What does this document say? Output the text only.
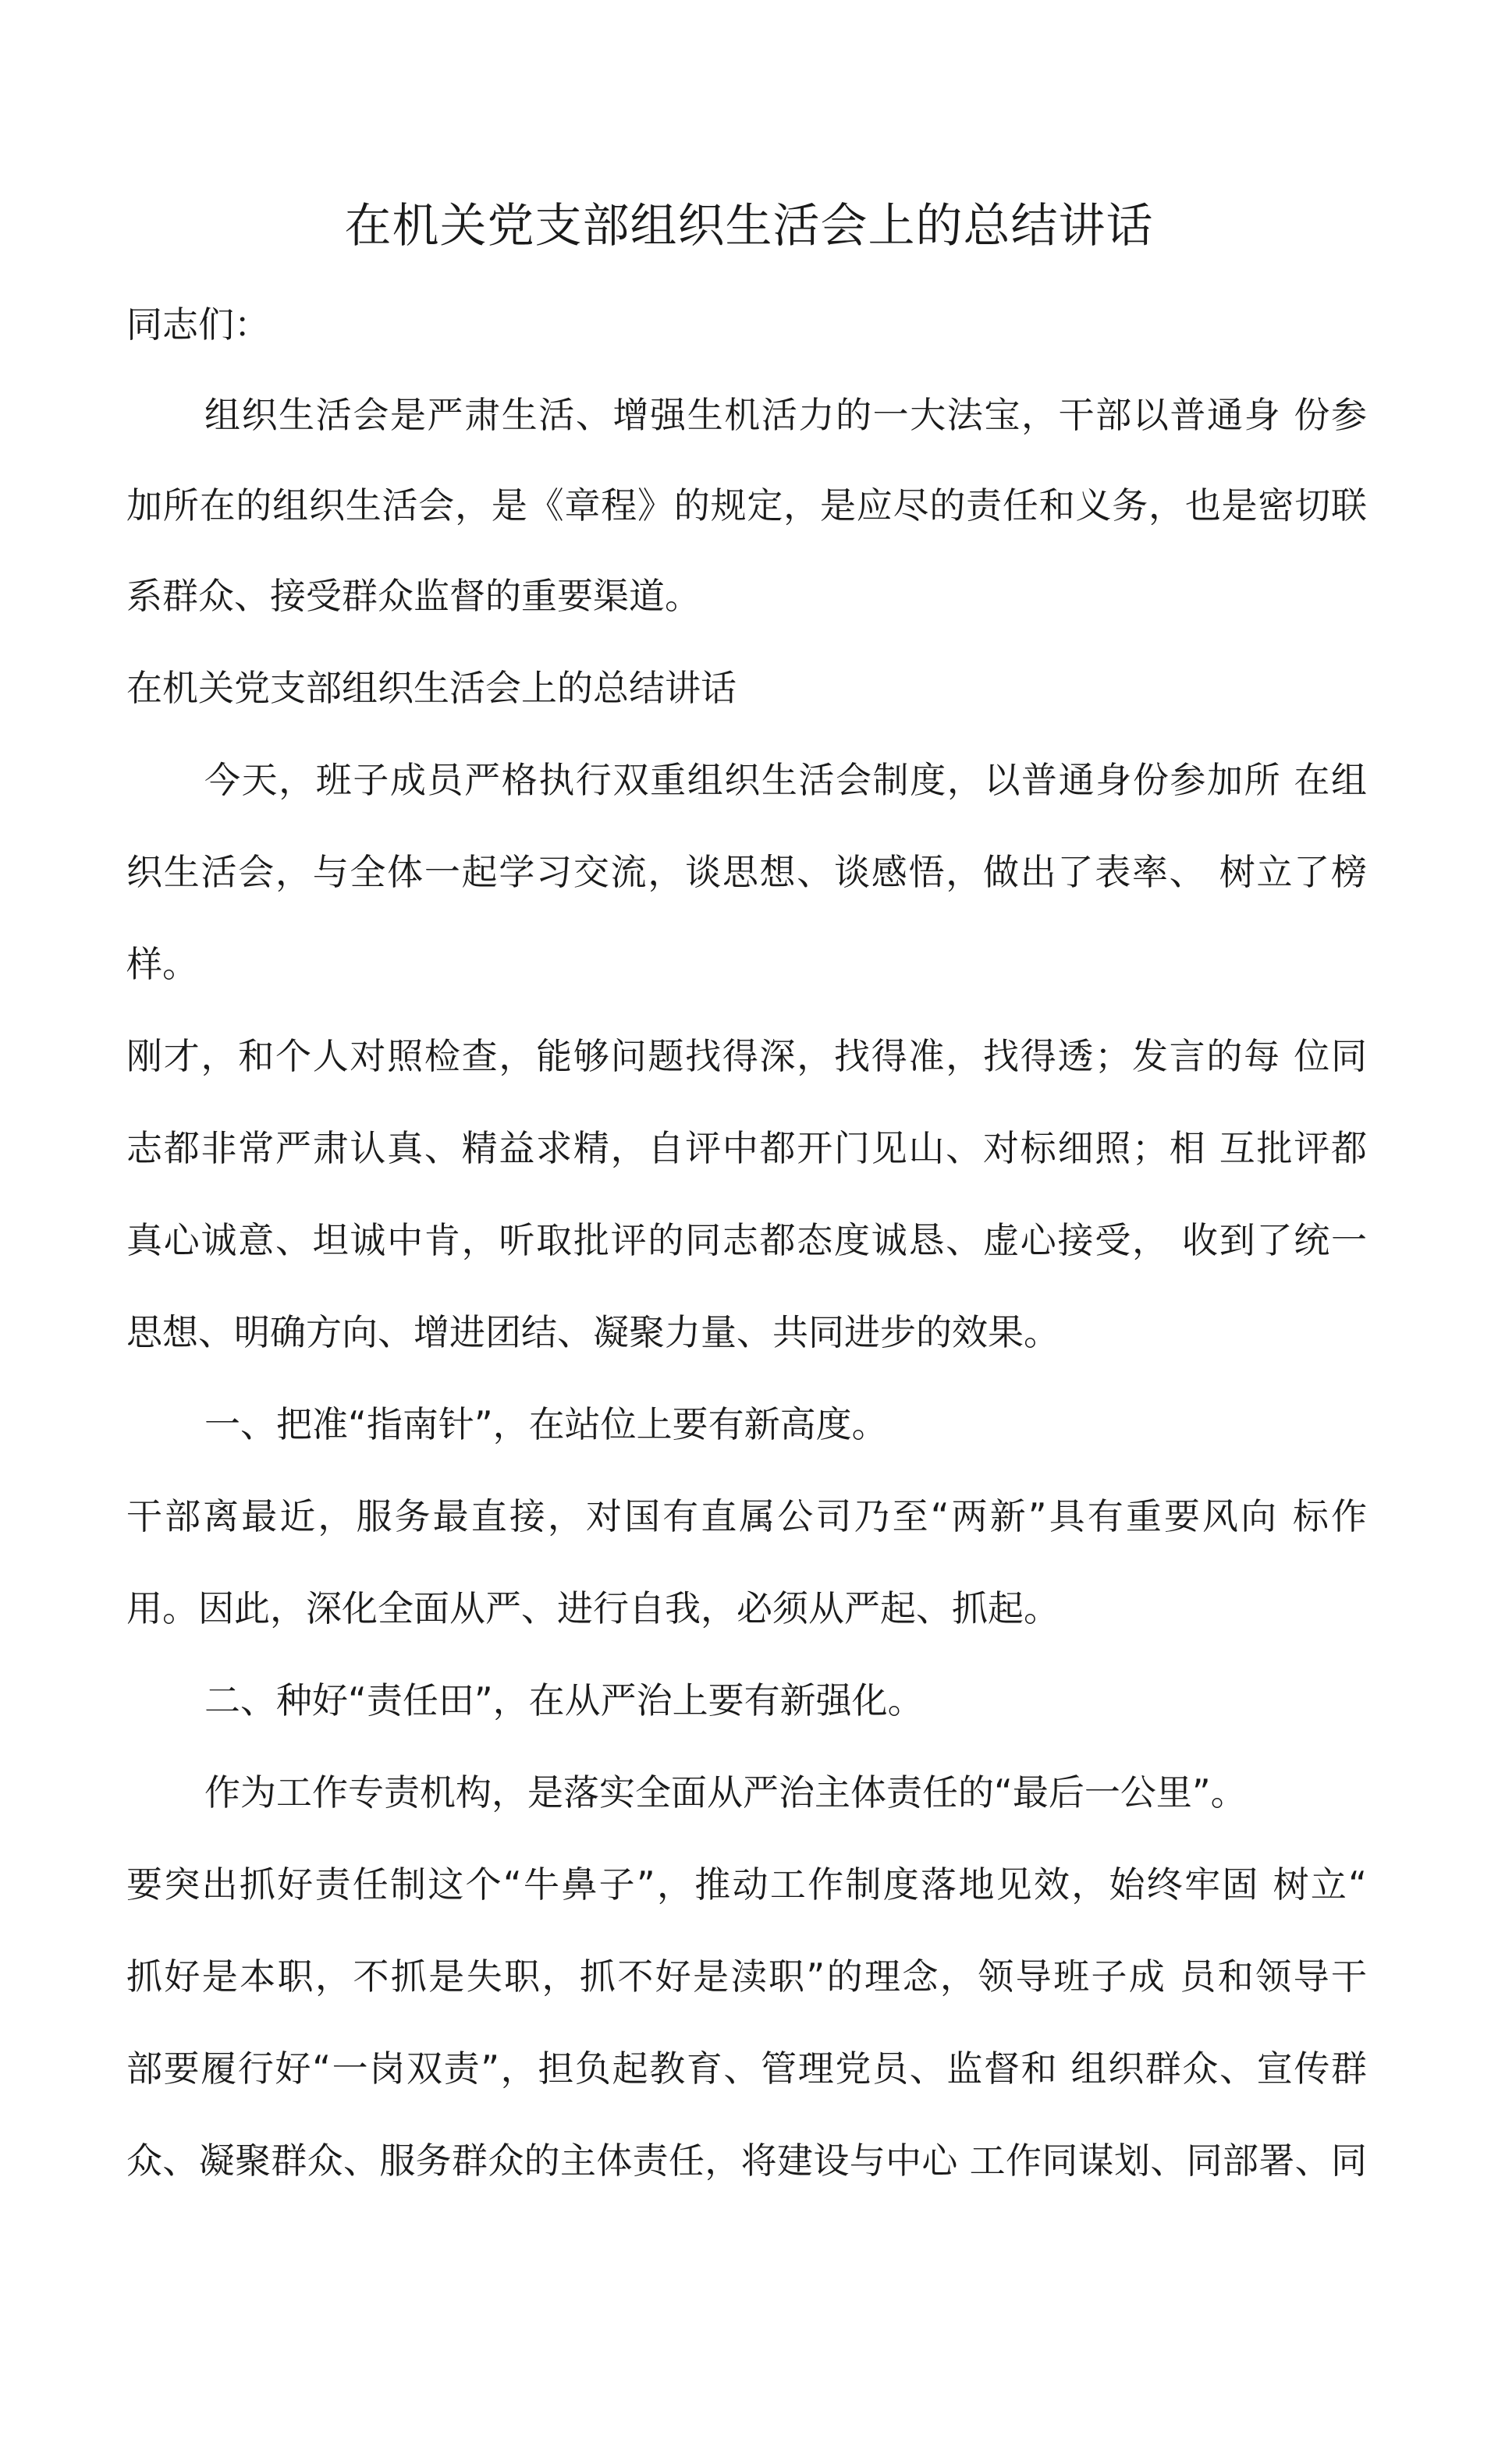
在机关党支部组织生活会上的总结讲话
同志们：
组织生活会是严肃生活、增强生机活力的一大法宝，干部以普通身 份参
加所在的组织生活会，是《章程》的规定，是应尽的责任和义务，也是密切联
系群众、接受群众监督的重要渠道。
在机关党支部组织生活会上的总结讲话
今天，班子成员严格执行双重组织生活会制度，以普通身份参加所 在组
织生活会，与全体一起学习交流，谈思想、谈感悟，做出了表率、 树立了榜
样。
刚才，和个人对照检查，能够问题找得深，找得准，找得透；发言的每 位同
志都非常严肃认真、精益求精，自评中都开门见山、对标细照；相 互批评都
真心诚意、坦诚中肯，听取批评的同志都态度诚恳、虚心接受， 收到了统一
思想、明确方向、增进团结、凝聚力量、共同进步的效果。
一、把准“指南针”，在站位上要有新高度。
干部离最近，服务最直接，对国有直属公司乃至“两新”具有重要风向 标作
用。因此，深化全面从严、进行自我，必须从严起、抓起。
二、种好“责任田”，在从严治上要有新强化。
作为工作专责机构，是落实全面从严治主体责任的“最后一公里”。
要突出抓好责任制这个“牛鼻子”，推动工作制度落地见效，始终牢固 树立“
抓好是本职，不抓是失职，抓不好是渎职”的理念，领导班子成 员和领导干
部要履行好“一岗双责”，担负起教育、管理党员、监督和 组织群众、宣传群
众、凝聚群众、服务群众的主体责任，将建设与中心 工作同谋划、同部署、同
